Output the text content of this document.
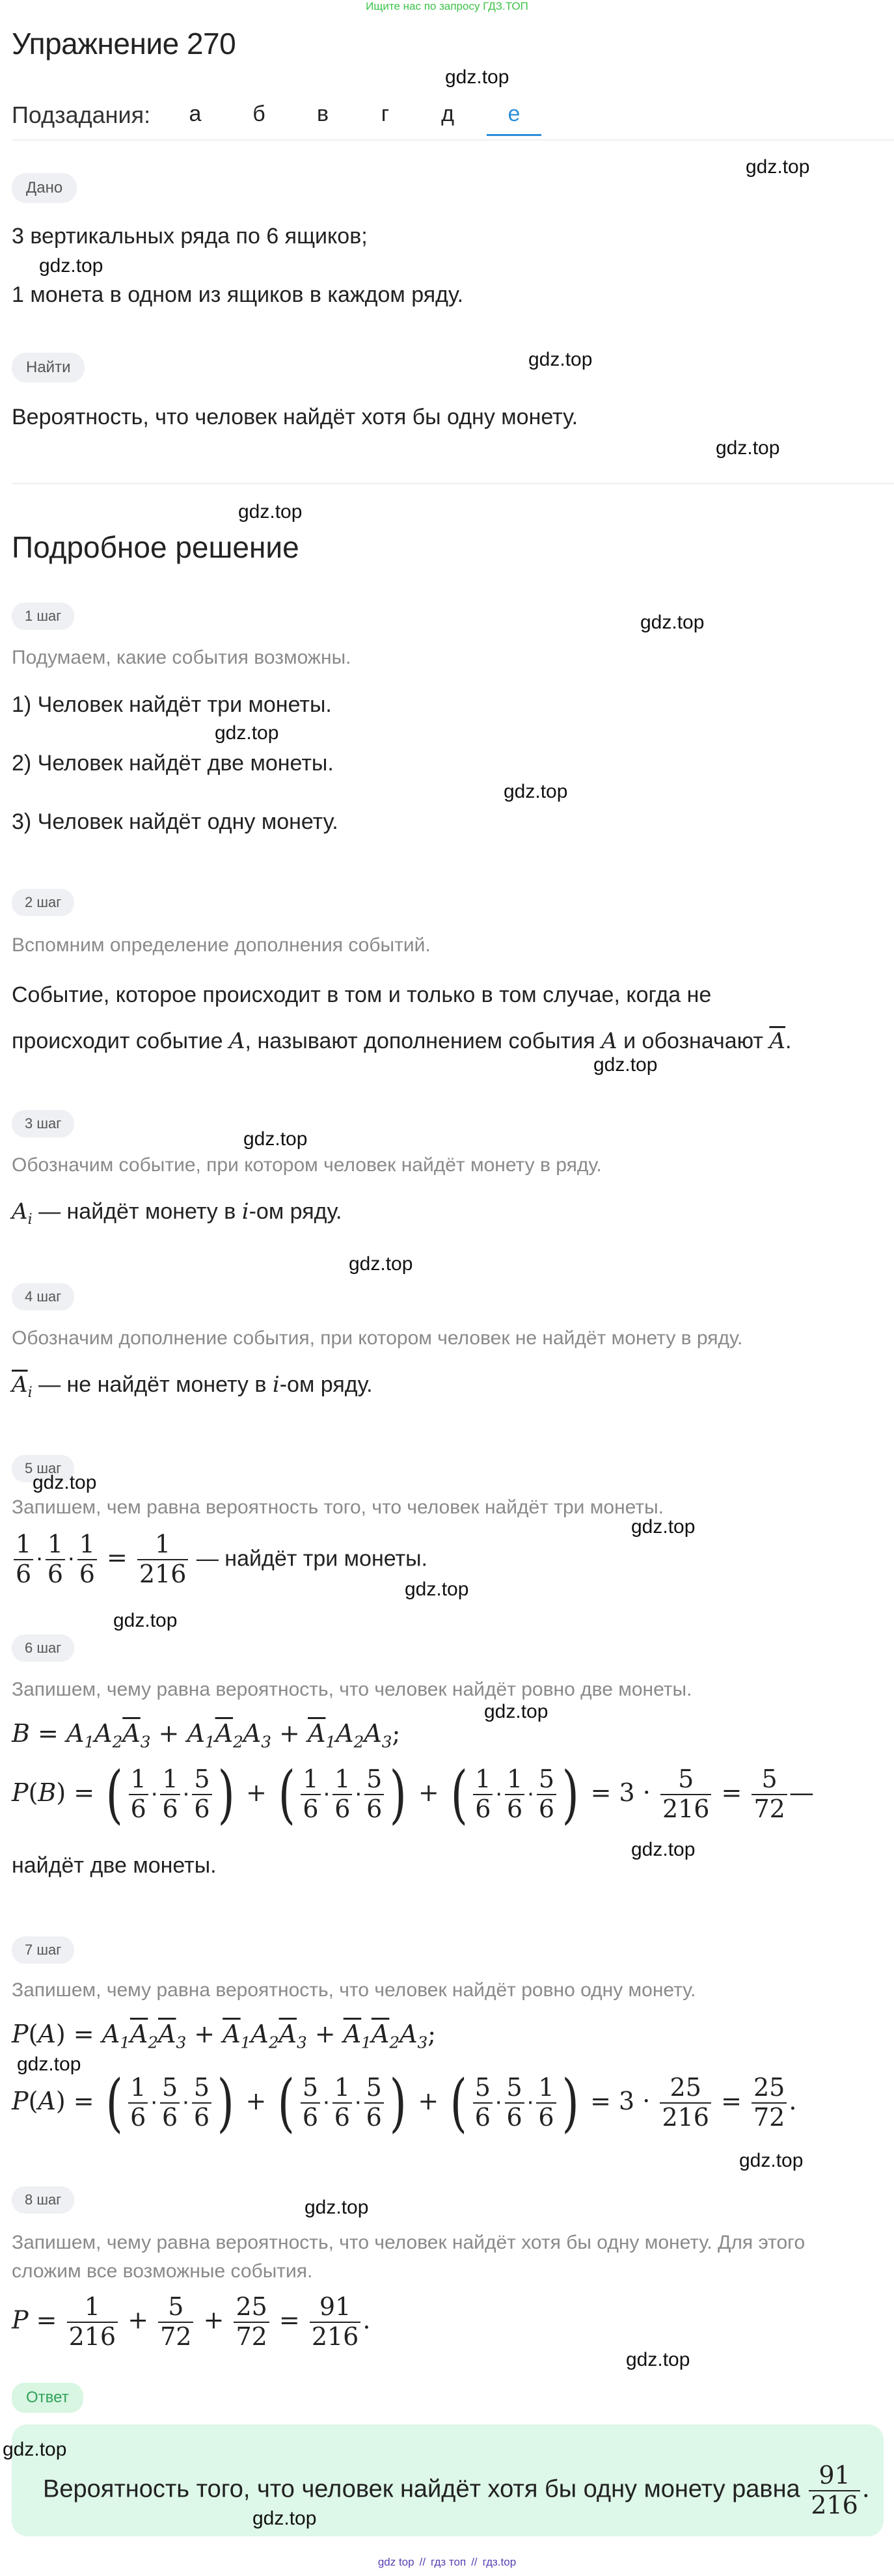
Ищите нас по запросу ГДЗ.ТОП
Упражнение 270
Подзадания:	а	б	в	г	д	е
Дано
3 вертикальных ряда по 6 ящиков;
1 монета в одном из ящиков в каждом ряду.
Найти
Вероятность, что человек найдёт хотя бы одну монету.
Подробное решение
1 шаг
Подумаем, какие события возможны.
1) Человек найдёт три монеты.
2) Человек найдёт две монеты.
3) Человек найдёт одну монету.
2 шаг
Вспомним определение дополнения событий.
Событие, которое происходит в том и только в том случае, когда не
происходит событие A, называют дополнением события A и обозначают $\overline{A}$.
3 шаг
Обозначим событие, при котором человек найдёт монету в ряду.
$A_i$ — найдёт монету в i-ом ряду.
4 шаг
Обозначим дополнение события, при котором человек не найдёт монету в ряду.
$\overline{A}_i$ — не найдёт монету в i-ом ряду.
5 шаг
Запишем, чем равна вероятность того, что человек найдёт три монеты.
$\frac{1}{6} \cdot \frac{1}{6} \cdot \frac{1}{6} = \frac{1}{216}$ — найдёт три монеты.
6 шаг
Запишем, чему равна вероятность, что человек найдёт ровно две монеты.
$B = A_1A_2\overline{A}_3 + A_1\overline{A}_2A_3 + \overline{A}_1A_2A_3$;
P(B) = ( $\frac{1}{6} \cdot \frac{1}{6} \cdot \frac{5}{6}$ ) + ( $\frac{1}{6} \cdot \frac{1}{6} \cdot \frac{5}{6}$ ) + ( $\frac{1}{6} \cdot \frac{1}{6} \cdot \frac{5}{6}$ ) = $3 \cdot \frac{5}{216} = \frac{5}{72}$ —
найдёт две монеты.
7 шаг
Запишем, чему равна вероятность, что человек найдёт ровно одну монету.
$P(A) = A_1\overline{A}_2\overline{A}_3 + \overline{A}_1A_2\overline{A}_3 + \overline{A}_1\overline{A}_2A_3$;
P(A) = ( $\frac{1}{6} \cdot \frac{5}{6} \cdot \frac{5}{6}$ ) + ( $\frac{5}{6} \cdot \frac{1}{6} \cdot \frac{5}{6}$ ) + ( $\frac{5}{6} \cdot \frac{5}{6} \cdot \frac{1}{6}$ ) = $3 \cdot \frac{25}{216} = \frac{25}{72}$ .
8 шаг
Запишем, чему равна вероятность, что человек найдёт хотя бы одну монету. Для этого
сложим все возможные события.
$P = \frac{1}{216} + \frac{5}{72} + \frac{25}{72} = \frac{91}{216}$ .
Ответ
Вероятность того, что человек найдёт хотя бы одну монету равна $\frac{91}{216}$ .
gdz.top
gdz.top
gdz.top
gdz.top
gdz.top
gdz.top
gdz.top
gdz.top
gdz.top
gdz.top
gdz.top
gdz.top
gdz.top
gdz.top
gdz.top
gdz.top
gdz.top
gdz.top
gdz.top
gdz.top
gdz.top
gdz.top
gdz.top
gdz.top
gdz top // гдз топ // гдз.top
